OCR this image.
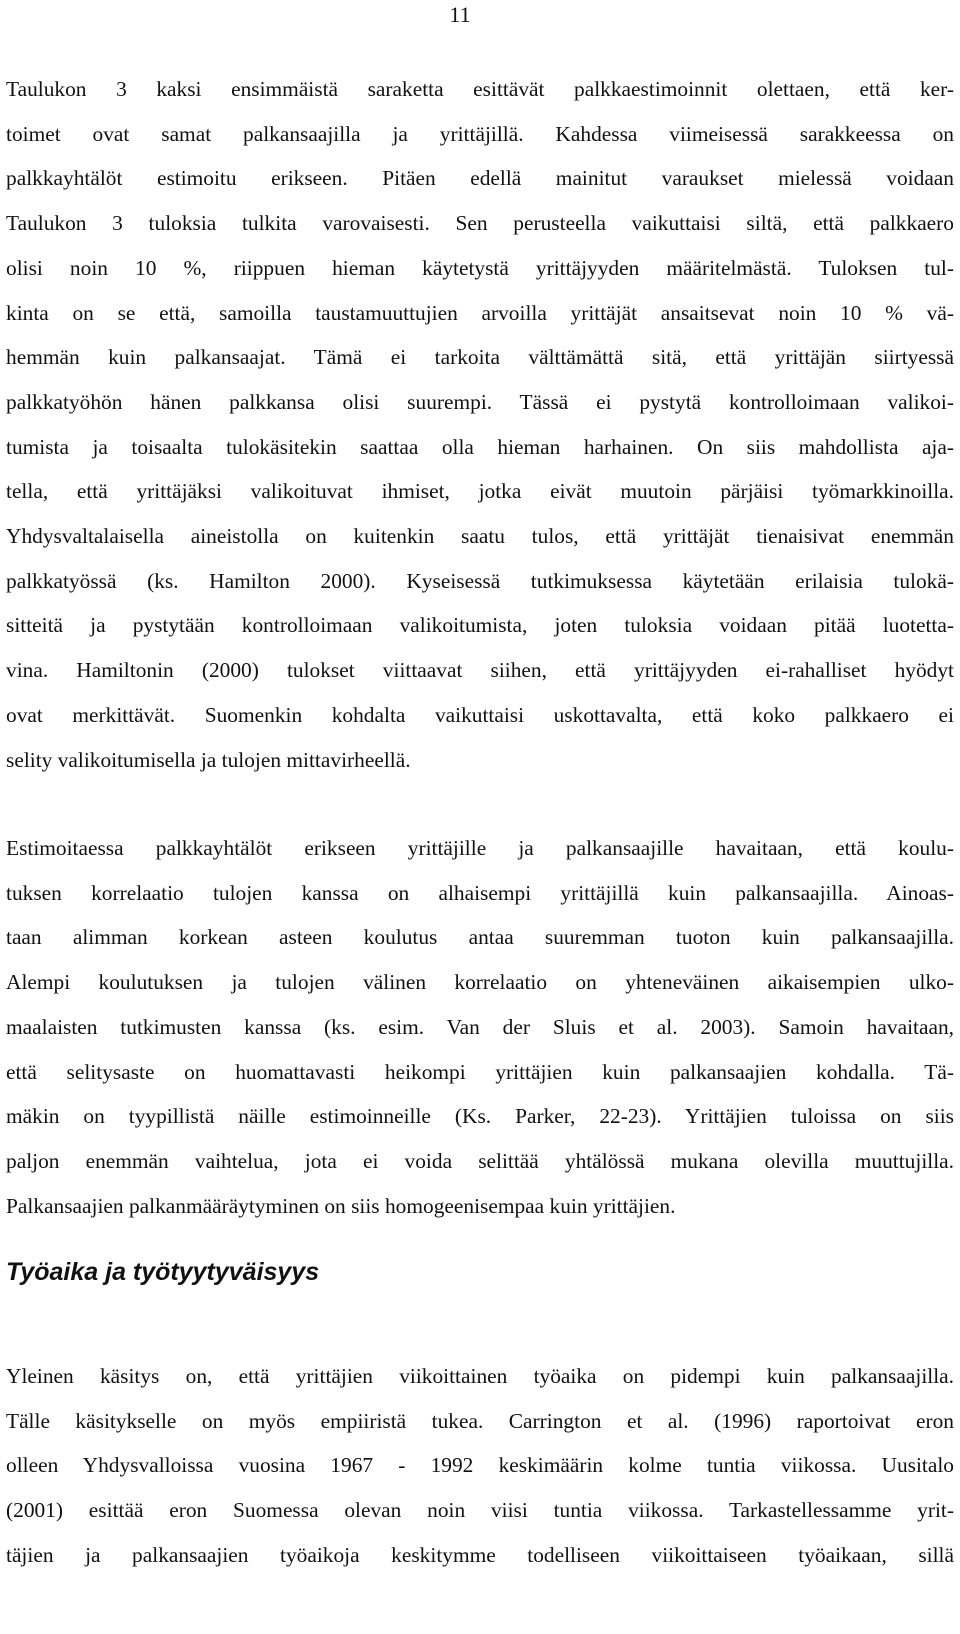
11

Taulukon 3 kaksi ensimmäistä saraketta esittävät palkkaestimoinnit olettaen, että ker-
toimet ovat samat palkansaajilla ja yrittäjillä. Kahdessa viimeisessä sarakkeessa on
palkkayhtälöt estimoitu erikseen. Pitäen edellä mainitut varaukset mielessä voidaan
Taulukon 3 tuloksia tulkita varovaisesti. Sen perusteella vaikuttaisi siltä, että palkkaero
olisi noin 10 %, riippuen hieman käytetystä yrittäjyyden määritelmästä. Tuloksen tul-
kinta on se että, samoilla taustamuuttujien arvoilla yrittäjät ansaitsevat noin 10 % vä-
hemmän kuin palkansaajat. Tämä ei tarkoita välttämättä sitä, että yrittäjän siirtyessä
palkkatyöhön hänen palkkansa olisi suurempi. Tässä ei pystytä kontrolloimaan valikoi-
tumista ja toisaalta tulokäsitekin saattaa olla hieman harhainen. On siis mahdollista aja-
tella, että yrittäjäksi valikoituvat ihmiset, jotka eivät muutoin pärjäisi työmarkkinoilla.
Yhdysvaltalaisella aineistolla on kuitenkin saatu tulos, että yrittäjät tienaisivat enemmän
palkkatyössä (ks. Hamilton 2000). Kyseisessä tutkimuksessa käytetään erilaisia tulokä-
sitteitä ja pystytään kontrolloimaan valikoitumista, joten tuloksia voidaan pitää luotetta-
vina. Hamiltonin (2000) tulokset viittaavat siihen, että yrittäjyyden ei-rahalliset hyödyt
ovat merkittävät. Suomenkin kohdalta vaikuttaisi uskottavalta, että koko palkkaero ei
selity valikoitumisella ja tulojen mittavirheellä.

Estimoitaessa palkkayhtälöt erikseen yrittäjille ja palkansaajille havaitaan, että koulu-
tuksen korrelaatio tulojen kanssa on alhaisempi yrittäjillä kuin palkansaajilla. Ainoas-
taan alimman korkean asteen koulutus antaa suuremman tuoton kuin palkansaajilla.
Alempi koulutuksen ja tulojen välinen korrelaatio on yhteneväinen aikaisempien ulko-
maalaisten tutkimusten kanssa (ks. esim. Van der Sluis et al. 2003). Samoin havaitaan,
että selitysaste on huomattavasti heikompi yrittäjien kuin palkansaajien kohdalla. Tä-
mäkin on tyypillistä näille estimoinneille (Ks. Parker, 22-23). Yrittäjien tuloissa on siis
paljon enemmän vaihtelua, jota ei voida selittää yhtälössä mukana olevilla muuttujilla.
Palkansaajien palkanmääräytyminen on siis homogeenisempaa kuin yrittäjien.

Työaika ja työtyytyväisyys

Yleinen käsitys on, että yrittäjien viikoittainen työaika on pidempi kuin palkansaajilla.
Tälle käsitykselle on myös empiiristä tukea. Carrington et al. (1996) raportoivat eron
olleen Yhdysvalloissa vuosina 1967 - 1992 keskimäärin kolme tuntia viikossa. Uusitalo
(2001) esittää eron Suomessa olevan noin viisi tuntia viikossa. Tarkastellessamme yrit-
täjien ja palkansaajien työaikoja keskitymme todelliseen viikoittaiseen työaikaan, sillä
